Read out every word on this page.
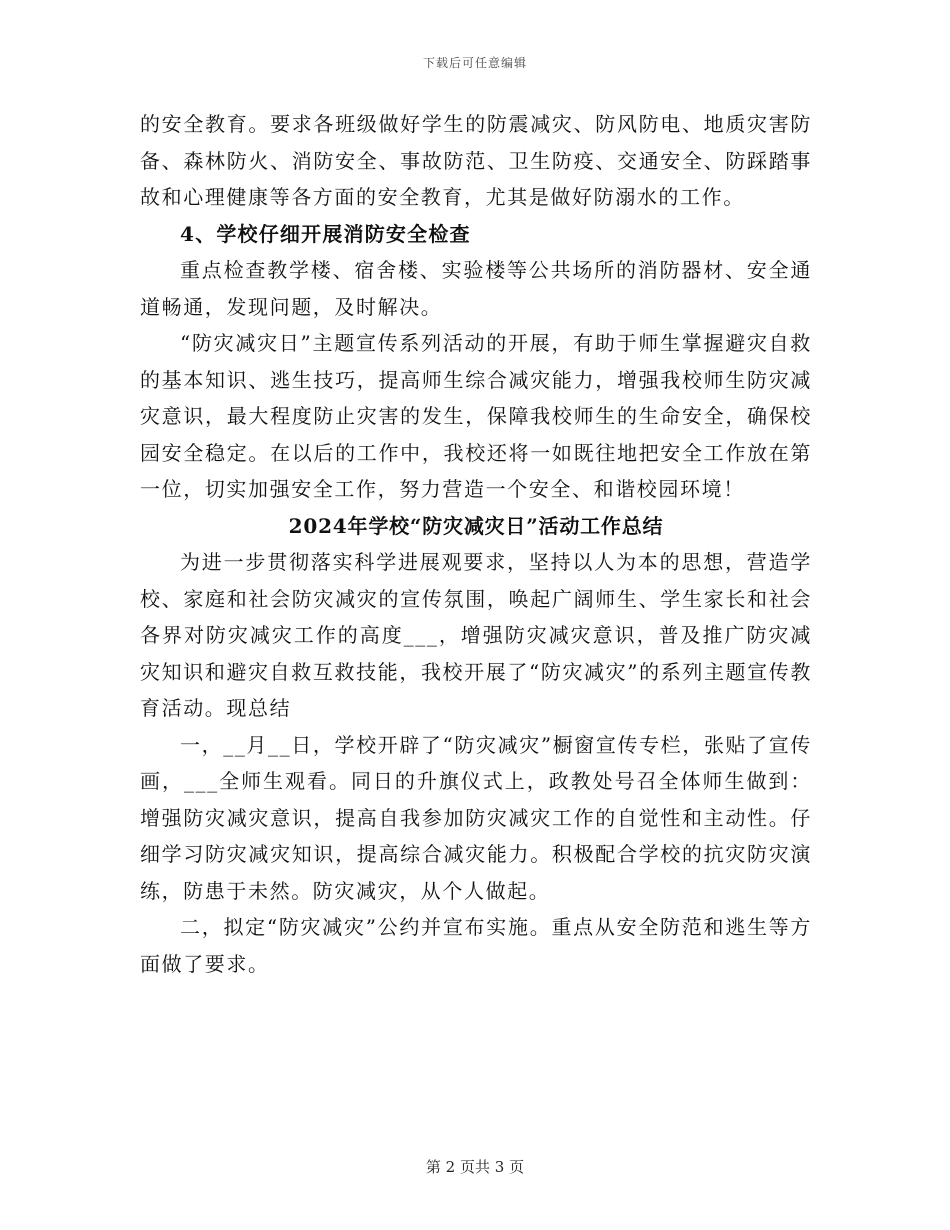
下载后可任意编辑

的安全教育。要求各班级做好学生的防震减灾、防风防电、地质灾害防备、森林防火、消防安全、事故防范、卫生防疫、交通安全、防踩踏事故和心理健康等各方面的安全教育，尤其是做好防溺水的工作。

4、学校仔细开展消防安全检查

重点检查教学楼、宿舍楼、实验楼等公共场所的消防器材、安全通道畅通，发现问题，及时解决。

“防灾减灾日”主题宣传系列活动的开展，有助于师生掌握避灾自救的基本知识、逃生技巧，提高师生综合减灾能力，增强我校师生防灾减灾意识，最大程度防止灾害的发生，保障我校师生的生命安全，确保校园安全稳定。在以后的工作中，我校还将一如既往地把安全工作放在第一位，切实加强安全工作，努力营造一个安全、和谐校园环境！

2024年学校“防灾减灾日”活动工作总结

为进一步贯彻落实科学进展观要求，坚持以人为本的思想，营造学校、家庭和社会防灾减灾的宣传氛围，唤起广阔师生、学生家长和社会各界对防灾减灾工作的高度___，增强防灾减灾意识，普及推广防灾减灾知识和避灾自救互救技能，我校开展了“防灾减灾”的系列主题宣传教育活动。现总结

一，__月__日，学校开辟了“防灾减灾”橱窗宣传专栏，张贴了宣传画，___全师生观看。同日的升旗仪式上，政教处号召全体师生做到：增强防灾减灾意识，提高自我参加防灾减灾工作的自觉性和主动性。仔细学习防灾减灾知识，提高综合减灾能力。积极配合学校的抗灾防灾演练，防患于未然。防灾减灾，从个人做起。

二，拟定“防灾减灾”公约并宣布实施。重点从安全防范和逃生等方面做了要求。

第 2 页共 3 页
